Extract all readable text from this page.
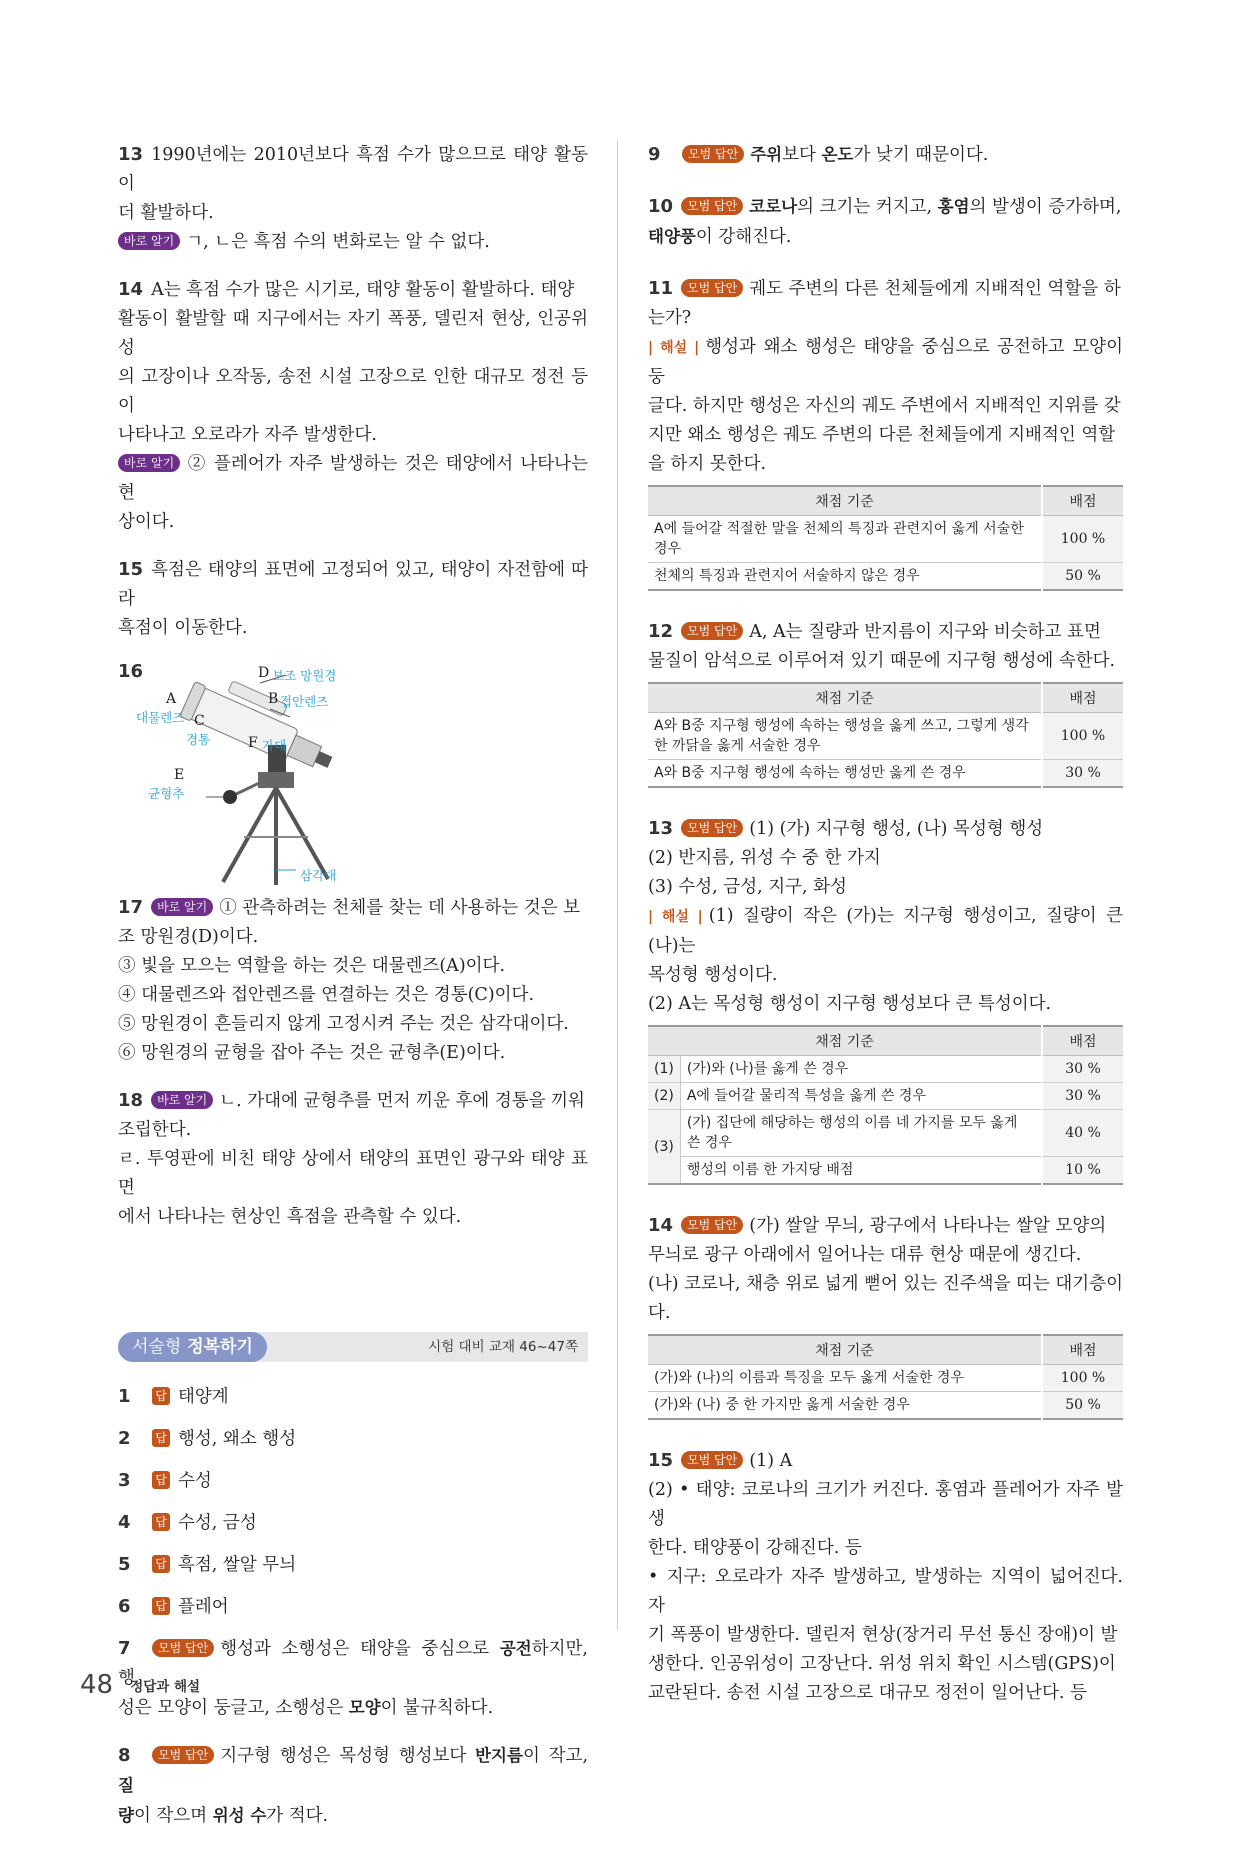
13 1990년에는 2010년보다 흑점 수가 많으므로 태양 활동이
더 활발하다.
바로 알기 ㄱ, ㄴ은 흑점 수의 변화로는 알 수 없다.
14 A는 흑점 수가 많은 시기로, 태양 활동이 활발하다. 태양
활동이 활발할 때 지구에서는 자기 폭풍, 델린저 현상, 인공위성
의 고장이나 오작동, 송전 시설 고장으로 인한 대규모 정전 등이
나타나고 오로라가 자주 발생한다.
바로 알기 ② 플레어가 자주 발생하는 것은 태양에서 나타나는 현
상이다.
15 흑점은 태양의 표면에 고정되어 있고, 태양이 자전함에 따라
흑점이 이동한다.
16	D 보조 망원경
A
대물렌즈
B 접안렌즈
C
경통	F 가대
E
균형추
삼각대
17 바로 알기 ① 관측하려는 천체를 찾는 데 사용하는 것은 보
조 망원경(D)이다.
③ 빛을 모으는 역할을 하는 것은 대물렌즈(A)이다.
④ 대물렌즈와 접안렌즈를 연결하는 것은 경통(C)이다.
⑤ 망원경이 흔들리지 않게 고정시켜 주는 것은 삼각대이다.
⑥ 망원경의 균형을 잡아 주는 것은 균형추(E)이다.
18 바로 알기 ㄴ. 가대에 균형추를 먼저 끼운 후에 경통을 끼워
조립한다.
ㄹ. 투영판에 비친 태양 상에서 태양의 표면인 광구와 태양 표면
에서 나타나는 현상인 흑점을 관측할 수 있다.
서술형 정복하기	시험 대비 교재 46~47쪽
1 답 태양계
2 답 행성, 왜소 행성
3 답 수성
4 답 수성, 금성
5 답 흑점, 쌀알 무늬
6 답 플레어
7 모범 답안 행성과 소행성은 태양을 중심으로 공전하지만, 행
성은 모양이 둥글고, 소행성은 모양이 불규칙하다.
8 모범 답안 지구형 행성은 목성형 행성보다 반지름이 작고, 질
량이 작으며 위성 수가 적다.
9 모범 답안 주위보다 온도가 낮기 때문이다.
10 모범 답안 코로나의 크기는 커지고, 홍염의 발생이 증가하며,
태양풍이 강해진다.
11 모범 답안 궤도 주변의 다른 천체들에게 지배적인 역할을 하
는가?
| 해설 | 행성과 왜소 행성은 태양을 중심으로 공전하고 모양이 둥
글다. 하지만 행성은 자신의 궤도 주변에서 지배적인 지위를 갖
지만 왜소 행성은 궤도 주변의 다른 천체들에게 지배적인 역할
을 하지 못한다.
채점 기준	배점
A에 들어갈 적절한 말을 천체의 특징과 관련지어 옳게 서술한 경우	100 %
천체의 특징과 관련지어 서술하지 않은 경우	50 %
12 모범 답안 A, A는 질량과 반지름이 지구와 비슷하고 표면
물질이 암석으로 이루어져 있기 때문에 지구형 행성에 속한다.
채점 기준	배점
A와 B중 지구형 행성에 속하는 행성을 옳게 쓰고, 그렇게 생각한 까닭을 옳게 서술한 경우	100 %
A와 B중 지구형 행성에 속하는 행성만 옳게 쓴 경우	30 %
13 모범 답안 (1) (가) 지구형 행성, (나) 목성형 행성
(2) 반지름, 위성 수 중 한 가지
(3) 수성, 금성, 지구, 화성
| 해설 | (1) 질량이 작은 (가)는 지구형 행성이고, 질량이 큰 (나)는
목성형 행성이다.
(2) A는 목성형 행성이 지구형 행성보다 큰 특성이다.
채점 기준		배점
(1)	(가)와 (나)를 옳게 쓴 경우	30 %
(2)	A에 들어갈 물리적 특성을 옳게 쓴 경우	30 %
(3)	(가) 집단에 해당하는 행성의 이름 네 가지를 모두 옳게 쓴 경우	40 %
	행성의 이름 한 가지당 배점	10 %
14 모범 답안 (가) 쌀알 무늬, 광구에서 나타나는 쌀알 모양의
무늬로 광구 아래에서 일어나는 대류 현상 때문에 생긴다.
(나) 코로나, 채층 위로 넓게 뻗어 있는 진주색을 띠는 대기층이다.
채점 기준	배점
(가)와 (나)의 이름과 특징을 모두 옳게 서술한 경우	100 %
(가)와 (나) 중 한 가지만 옳게 서술한 경우	50 %
15 모범 답안 (1) A
(2) • 태양: 코로나의 크기가 커진다. 홍염과 플레어가 자주 발생
한다. 태양풍이 강해진다. 등
• 지구: 오로라가 자주 발생하고, 발생하는 지역이 넓어진다. 자
기 폭풍이 발생한다. 델린저 현상(장거리 무선 통신 장애)이 발
생한다. 인공위성이 고장난다. 위성 위치 확인 시스템(GPS)이
교란된다. 송전 시설 고장으로 대규모 정전이 일어난다. 등
48 정답과 해설
